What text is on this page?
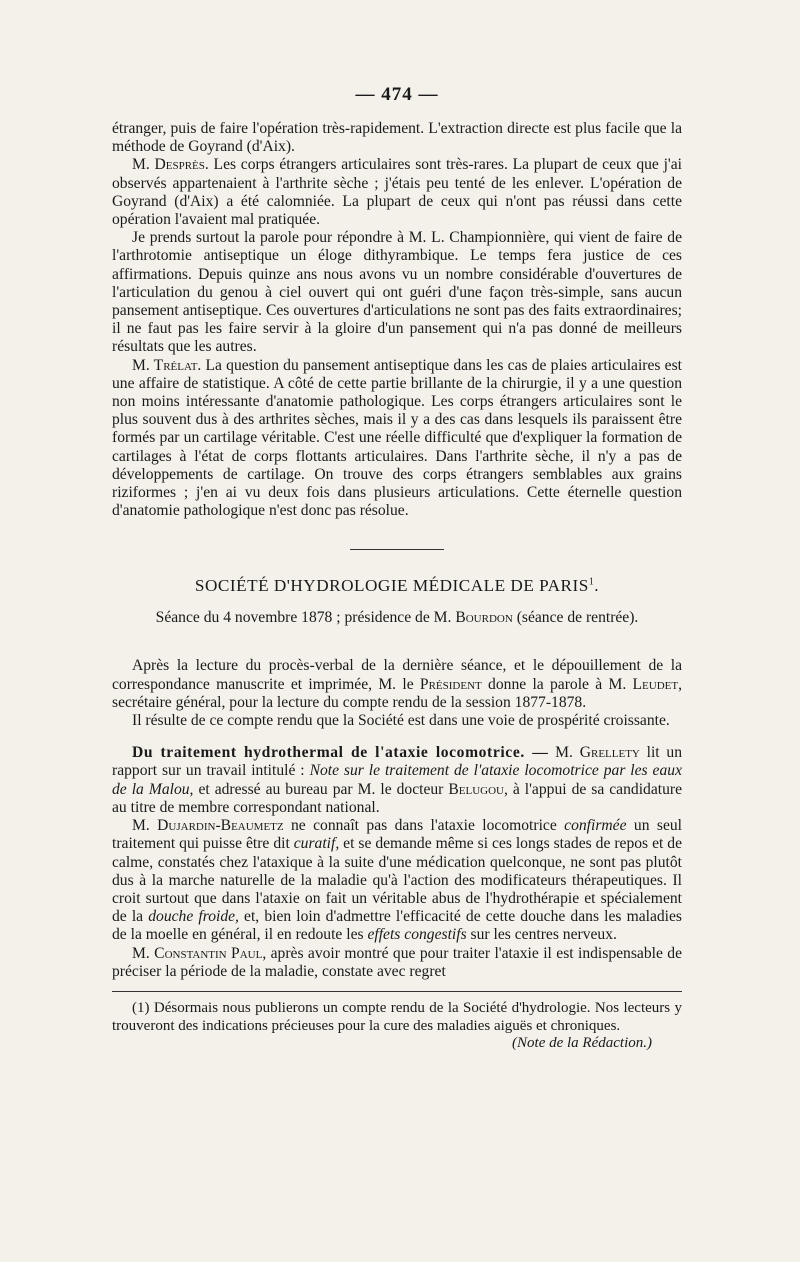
— 474 —

étranger, puis de faire l'opération très-rapidement. L'extraction directe est plus facile que la méthode de Goyrand (d'Aix).

M. Desprès. Les corps étrangers articulaires sont très-rares. La plupart de ceux que j'ai observés appartenaient à l'arthrite sèche ; j'étais peu tenté de les enlever. L'opération de Goyrand (d'Aix) a été calomniée. La plupart de ceux qui n'ont pas réussi dans cette opération l'avaient mal pratiquée.

Je prends surtout la parole pour répondre à M. L. Championnière, qui vient de faire de l'arthrotomie antiseptique un éloge dithyrambique. Le temps fera justice de ces affirmations. Depuis quinze ans nous avons vu un nombre considérable d'ouvertures de l'articulation du genou à ciel ouvert qui ont guéri d'une façon très-simple, sans aucun pansement antiseptique. Ces ouvertures d'articulations ne sont pas des faits extraordinaires; il ne faut pas les faire servir à la gloire d'un pansement qui n'a pas donné de meilleurs résultats que les autres.

M. Trélat. La question du pansement antiseptique dans les cas de plaies articulaires est une affaire de statistique. A côté de cette partie brillante de la chirurgie, il y a une question non moins intéressante d'anatomie pathologique. Les corps étrangers articulaires sont le plus souvent dus à des arthrites sèches, mais il y a des cas dans lesquels ils paraissent être formés par un cartilage véritable. C'est une réelle difficulté que d'expliquer la formation de cartilages à l'état de corps flottants articulaires. Dans l'arthrite sèche, il n'y a pas de développements de cartilage. On trouve des corps étrangers semblables aux grains riziformes ; j'en ai vu deux fois dans plusieurs articulations. Cette éternelle question d'anatomie pathologique n'est donc pas résolue.

SOCIÉTÉ D'HYDROLOGIE MÉDICALE DE PARIS$^1$.
Séance du 4 novembre 1878 ; présidence de M. Bourdon (séance de rentrée).

Après la lecture du procès-verbal de la dernière séance, et le dépouillement de la correspondance manuscrite et imprimée, M. le Président donne la parole à M. Leudet, secrétaire général, pour la lecture du compte rendu de la session 1877-1878.

Il résulte de ce compte rendu que la Société est dans une voie de prospérité croissante.

Du traitement hydrothermal de l'ataxie locomotrice. — M. Grellety lit un rapport sur un travail intitulé : Note sur le traitement de l'ataxie locomotrice par les eaux de la Malou, et adressé au bureau par M. le docteur Belugou, à l'appui de sa candidature au titre de membre correspondant national.

M. Dujardin-Beaumetz ne connaît pas dans l'ataxie locomotrice confirmée un seul traitement qui puisse être dit curatif, et se demande même si ces longs stades de repos et de calme, constatés chez l'ataxique à la suite d'une médication quelconque, ne sont pas plutôt dus à la marche naturelle de la maladie qu'à l'action des modificateurs thérapeutiques. Il croit surtout que dans l'ataxie on fait un véritable abus de l'hydrothérapie et spécialement de la douche froide, et, bien loin d'admettre l'efficacité de cette douche dans les maladies de la moelle en général, il en redoute les effets congestifs sur les centres nerveux.

M. Constantin Paul, après avoir montré que pour traiter l'ataxie il est indispensable de préciser la période de la maladie, constate avec regret

(1) Désormais nous publierons un compte rendu de la Société d'hydrologie. Nos lecteurs y trouveront des indications précieuses pour la cure des maladies aiguës et chroniques.

(Note de la Rédaction.)
